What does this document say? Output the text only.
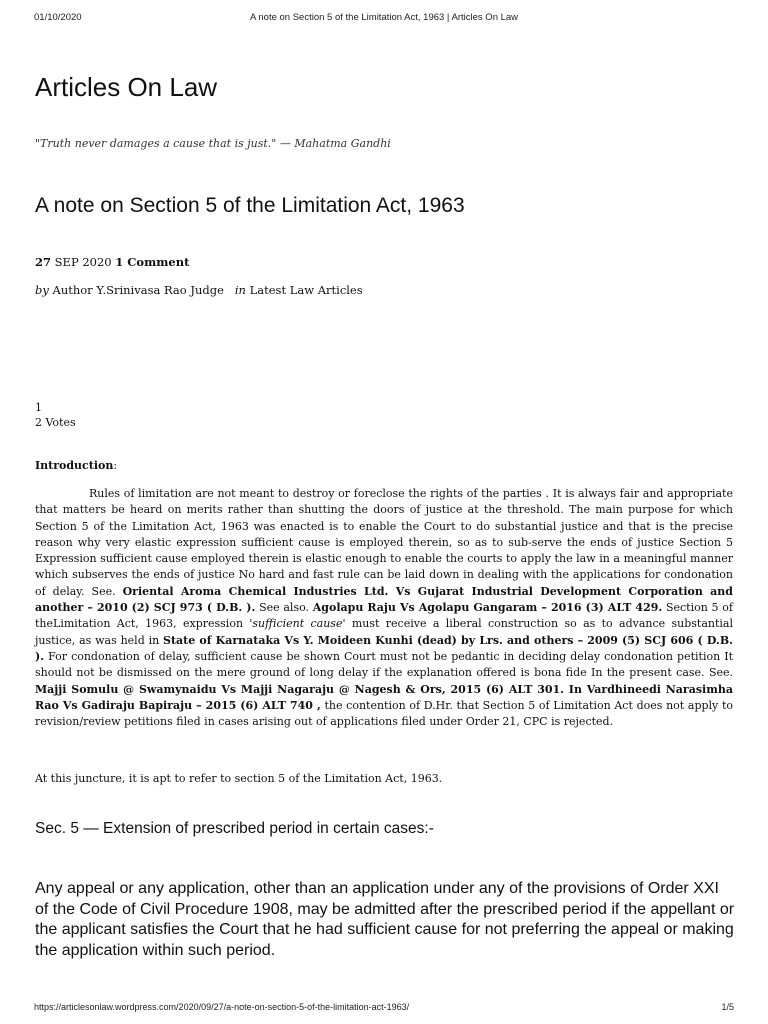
01/10/2020	A note on Section 5 of the Limitation Act, 1963 | Articles On Law
Articles On Law
"Truth never damages a cause that is just." — Mahatma Gandhi
A note on Section 5 of the Limitation Act, 1963
27 SEP 2020 1 Comment
by Author Y.Srinivasa Rao Judge   in Latest Law Articles
1
2 Votes
Introduction:

Rules of limitation are not meant to destroy or foreclose the rights of the parties . It is always fair and appropriate that matters be heard on merits rather than shutting the doors of justice at the threshold. The main purpose for which Section 5 of the Limitation Act, 1963 was enacted is to enable the Court to do substantial justice and that is the precise reason why very elastic expression sufficient cause is employed therein, so as to sub-serve the ends of justice Section 5 Expression sufficient cause employed therein is elastic enough to enable the courts to apply the law in a meaningful manner which subserves the ends of justice No hard and fast rule can be laid down in dealing with the applications for condonation of delay. See. Oriental Aroma Chemical Industries Ltd. Vs Gujarat Industrial Development Corporation and another – 2010 (2) SCJ 973 ( D.B. ). See also. Agolapu Raju Vs Agolapu Gangaram – 2016 (3) ALT 429. Section 5 of theLimitation Act, 1963, expression 'sufficient cause' must receive a liberal construction so as to advance substantial justice, as was held in State of Karnataka Vs Y. Moideen Kunhi (dead) by Lrs. and others – 2009 (5) SCJ 606 ( D.B. ). For condonation of delay, sufficient cause be shown Court must not be pedantic in deciding delay condonation petition It should not be dismissed on the mere ground of long delay if the explanation offered is bona fide In the present case. See. Majji Somulu @ Swamynaidu Vs Majji Nagaraju @ Nagesh & Ors, 2015 (6) ALT 301. In Vardhineedi Narasimha Rao Vs Gadiraju Bapiraju – 2015 (6) ALT 740 , the contention of D.Hr. that Section 5 of Limitation Act does not apply to revision/review petitions filed in cases arising out of applications filed under Order 21, CPC is rejected.

At this juncture, it is apt to refer to section 5 of the Limitation Act, 1963.

Sec. 5 — Extension of prescribed period in certain cases:-

Any appeal or any application, other than an application under any of the provisions of Order XXI of the Code of Civil Procedure 1908, may be admitted after the prescribed period if the appellant or the applicant satisfies the Court that he had sufficient cause for not preferring the appeal or making the application within such period.

https://articlesonlaw.wordpress.com/2020/09/27/a-note-on-section-5-of-the-limitation-act-1963/	1/5
